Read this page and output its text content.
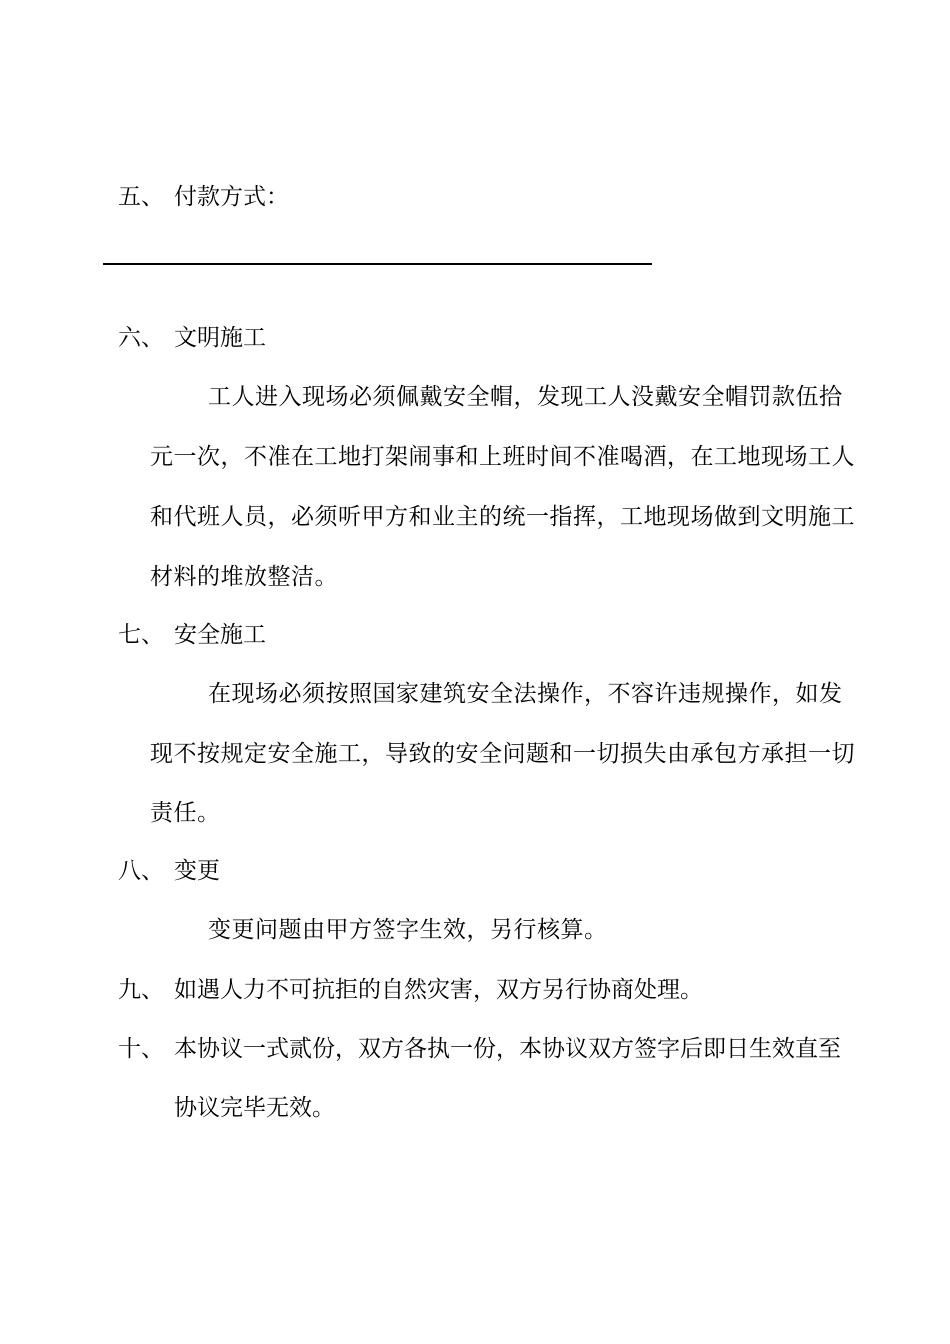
五、 付款方式：
六、 文明施工
工人进入现场必须佩戴安全帽，发现工人没戴安全帽罚款伍拾
元一次，不准在工地打架闹事和上班时间不准喝酒，在工地现场工人
和代班人员，必须听甲方和业主的统一指挥，工地现场做到文明施工
材料的堆放整洁。
七、 安全施工
在现场必须按照国家建筑安全法操作，不容许违规操作，如发
现不按规定安全施工，导致的安全问题和一切损失由承包方承担一切
责任。
八、 变更
变更问题由甲方签字生效，另行核算。
九、 如遇人力不可抗拒的自然灾害，双方另行协商处理。
十、 本协议一式贰份，双方各执一份，本协议双方签字后即日生效直至
协议完毕无效。
